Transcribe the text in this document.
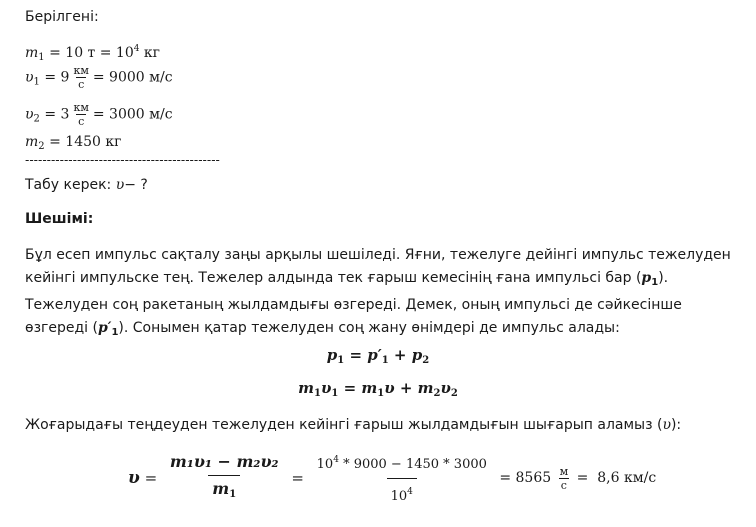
Берілгені:
$m_1 = 10$ $т = 10^4$ кг
$\upsilon_1 = 9 \frac{км}{с} = 9000$ м/с
$\upsilon_2 = 3 \frac{км}{с} = 3000$ м/с
$m_2 = 1450$ кг
---------------------------------------------
Табу керек: υ− ?
Шешімі:
Бұл есеп импульс сақталу заңы арқылы шешіледі. Яғни, тежелуге дейінгі импульс тежелуден кейінгі импульске тең. Тежелер алдында тек ғарыш кемесінің ғана импульсі бар $(p_1)$. Тежелуден соң ракетаның жылдамдығы өзгереді. Демек, оның импульсі де сәйкесінше өзгереді $(p'_1)$. Сонымен қатар тежелуден соң жану өнімдері де импульс алады:
$p_1 = p'_1 + p_2$
$m_1\upsilon_1 = m_1\upsilon + m_2\upsilon_2$
Жоғарыдағы теңдеуден тежелуден кейінгі ғарыш жылдамдығын шығарып аламыз (υ):
$\upsilon = \frac{\text{m₁υ₁ − m₂υ₂}}{m_1} = \frac{10^4 * 9000 - 1450 * 3000}{10^4} = 8565 \frac{м}{с} = 8,6$ км/с
